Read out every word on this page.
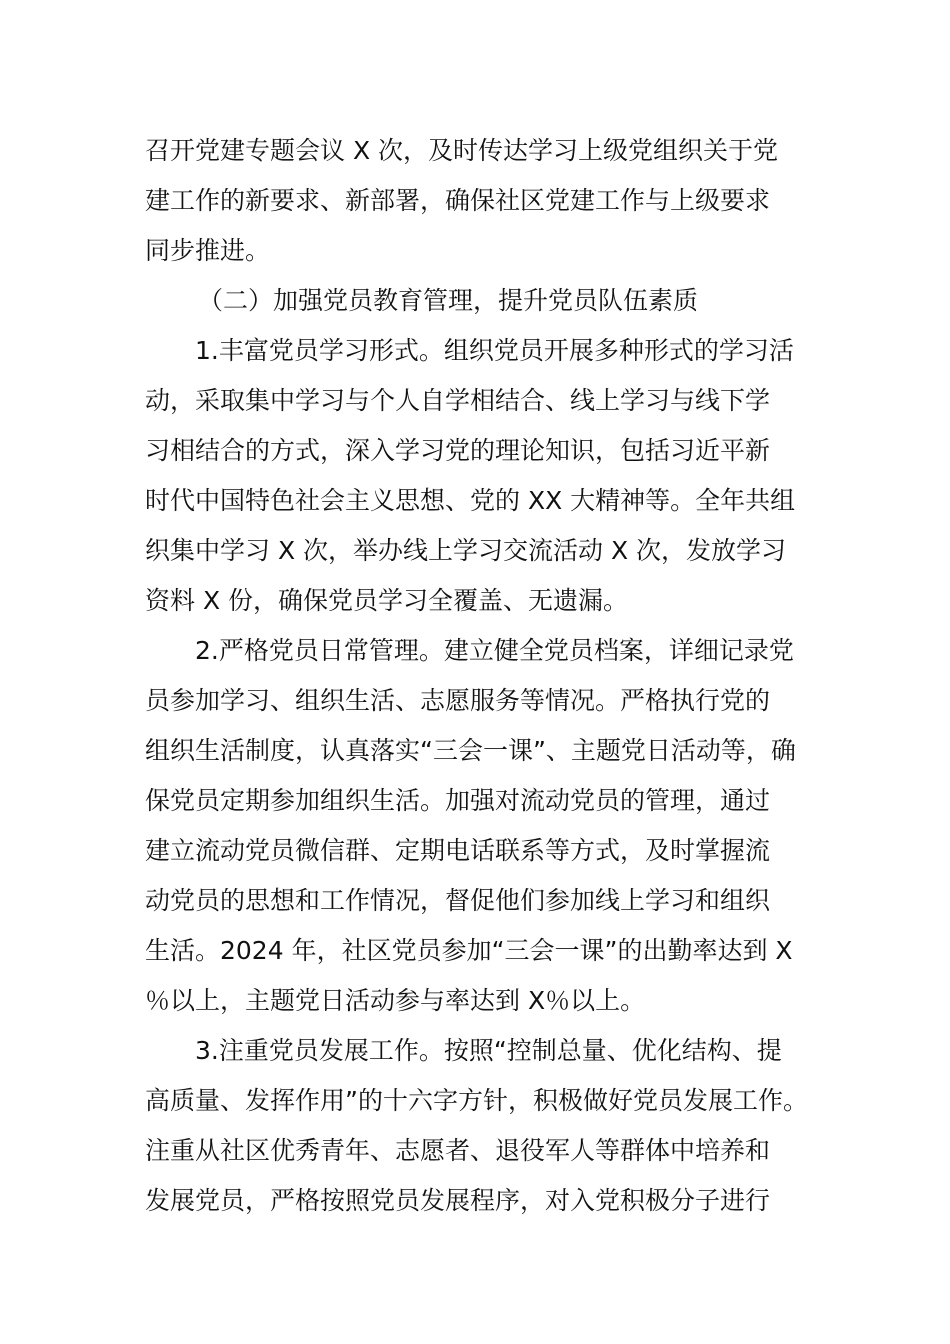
召开党建专题会议 X 次，及时传达学习上级党组织关于党
建工作的新要求、新部署，确保社区党建工作与上级要求
同步推进。
（二）加强党员教育管理，提升党员队伍素质
1.丰富党员学习形式。组织党员开展多种形式的学习活
动，采取集中学习与个人自学相结合、线上学习与线下学
习相结合的方式，深入学习党的理论知识，包括习近平新
时代中国特色社会主义思想、党的 XX 大精神等。全年共组
织集中学习 X 次，举办线上学习交流活动 X 次，发放学习
资料 X 份，确保党员学习全覆盖、无遗漏。
2.严格党员日常管理。建立健全党员档案，详细记录党
员参加学习、组织生活、志愿服务等情况。严格执行党的
组织生活制度，认真落实“三会一课”、主题党日活动等，确
保党员定期参加组织生活。加强对流动党员的管理，通过
建立流动党员微信群、定期电话联系等方式，及时掌握流
动党员的思想和工作情况，督促他们参加线上学习和组织
生活。2024 年，社区党员参加“三会一课”的出勤率达到 X
％以上，主题党日活动参与率达到 X％以上。
3.注重党员发展工作。按照“控制总量、优化结构、提
高质量、发挥作用”的十六字方针，积极做好党员发展工作。
注重从社区优秀青年、志愿者、退役军人等群体中培养和
发展党员，严格按照党员发展程序，对入党积极分子进行
